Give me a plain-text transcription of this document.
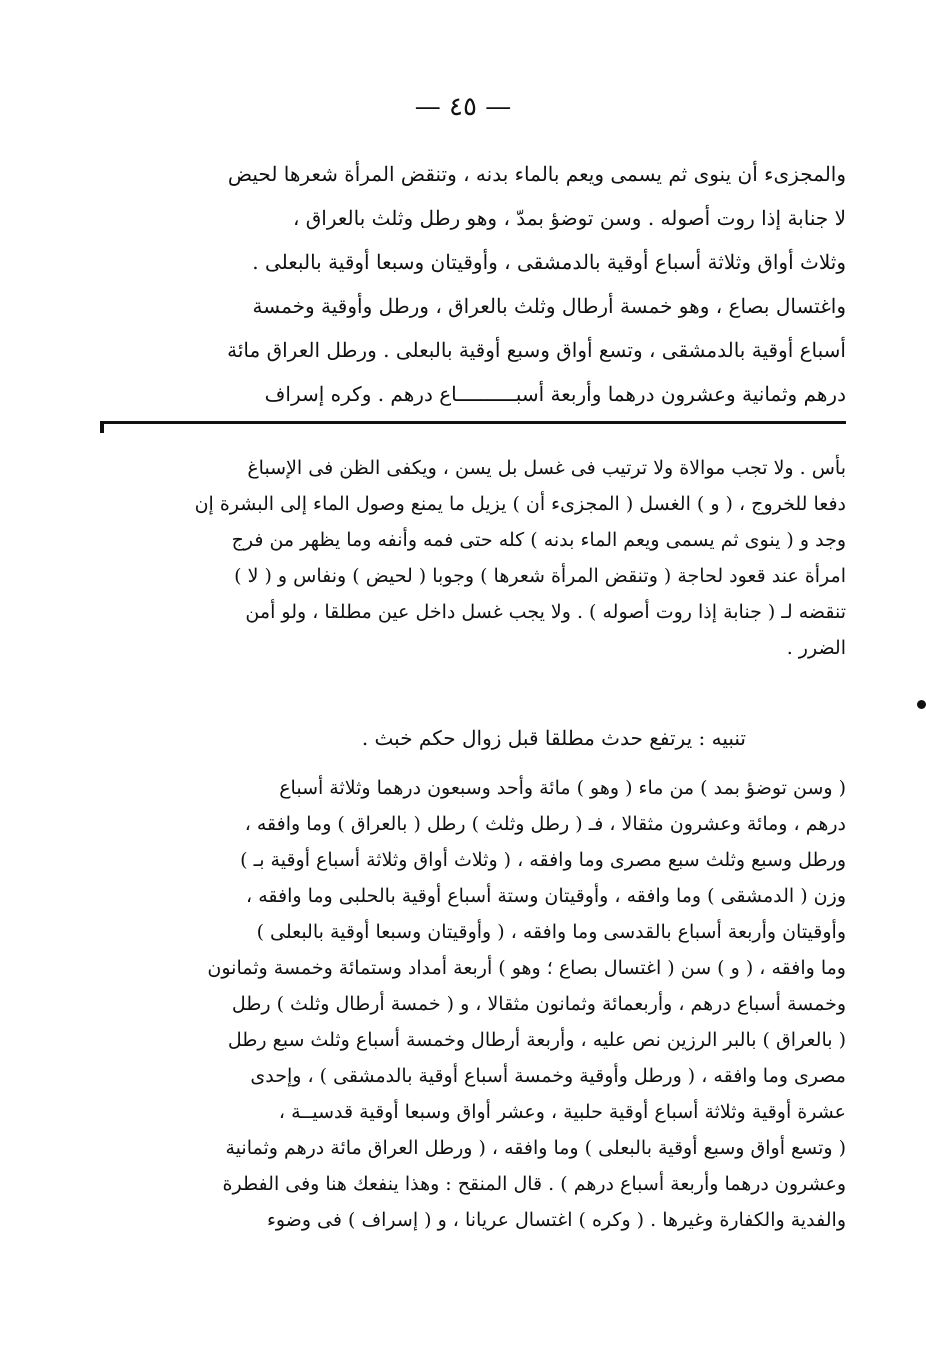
— ٤٥ —
والمجزىء أن ينوى ثم يسمى ويعم بالماء بدنه ، وتنقض المرأة شعرها لحيض
لا جنابة إذا روت أصوله . وسن توضؤ بمدّ ، وهو رطل وثلث بالعراق ،
وثلاث أواق وثلاثة أسباع أوقية بالدمشقى ، وأوقيتان وسبعا أوقية بالبعلى .
واغتسال بصاع ، وهو خمسة أرطال وثلث بالعراق ، ورطل وأوقية وخمسة
أسباع أوقية بالدمشقى ، وتسع أواق وسبع أوقية بالبعلى . ورطل العراق مائة
درهم وثمانية وعشرون درهما وأربعة أسبــــــــــاع درهم . وكره إسراف
بأس . ولا تجب موالاة ولا ترتيب فى غسل بل يسن ، ويكفى الظن فى الإسباغ
دفعا للخروج ، ( و ) الغسل ( المجزىء أن ) يزيل ما يمنع وصول الماء إلى البشرة إن
وجد و ( ينوى ثم يسمى ويعم الماء بدنه ) كله حتى فمه وأنفه وما يظهر من فرج
امرأة عند قعود لحاجة ( وتنقض المرأة شعرها ) وجوبا ( لحيض ) ونفاس و ( لا )
تنقضه لـ ( جنابة إذا روت أصوله ) . ولا يجب غسل داخل عين مطلقا ، ولو أمن
الضرر .
تنبيه : يرتفع حدث مطلقا قبل زوال حكم خبث .
( وسن توضؤ بمد ) من ماء ( وهو ) مائة وأحد وسبعون درهما وثلاثة أسباع
درهم ، ومائة وعشرون مثقالا ، فـ ( رطل وثلث ) رطل ( بالعراق ) وما وافقه ،
ورطل وسبع وثلث سبع مصرى وما وافقه ، ( وثلاث أواق وثلاثة أسباع أوقية بـ )
وزن ( الدمشقى ) وما وافقه ، وأوقيتان وستة أسباع أوقية بالحلبى وما وافقه ،
وأوقيتان وأربعة أسباع بالقدسى وما وافقه ، ( وأوقيتان وسبعا أوقية بالبعلى )
وما وافقه ، ( و ) سن ( اغتسال بصاع ؛ وهو ) أربعة أمداد وستمائة وخمسة وثمانون
وخمسة أسباع درهم ، وأربعمائة وثمانون مثقالا ، و ( خمسة أرطال وثلث ) رطل
( بالعراق ) بالبر الرزين نص عليه ، وأربعة أرطال وخمسة أسباع وثلث سبع رطل
مصرى وما وافقه ، ( ورطل وأوقية وخمسة أسباع أوقية بالدمشقى ) ، وإحدى
عشرة أوقية وثلاثة أسباع أوقية حلبية ، وعشر أواق وسبعا أوقية قدسيــة ،
( وتسع أواق وسبع أوقية بالبعلى ) وما وافقه ، ( ورطل العراق مائة درهم وثمانية
وعشرون درهما وأربعة أسباع درهم ) . قال المنقح : وهذا ينفعك هنا وفى الفطرة
والفدية والكفارة وغيرها . ( وكره ) اغتسال عريانا ، و ( إسراف ) فى وضوء
